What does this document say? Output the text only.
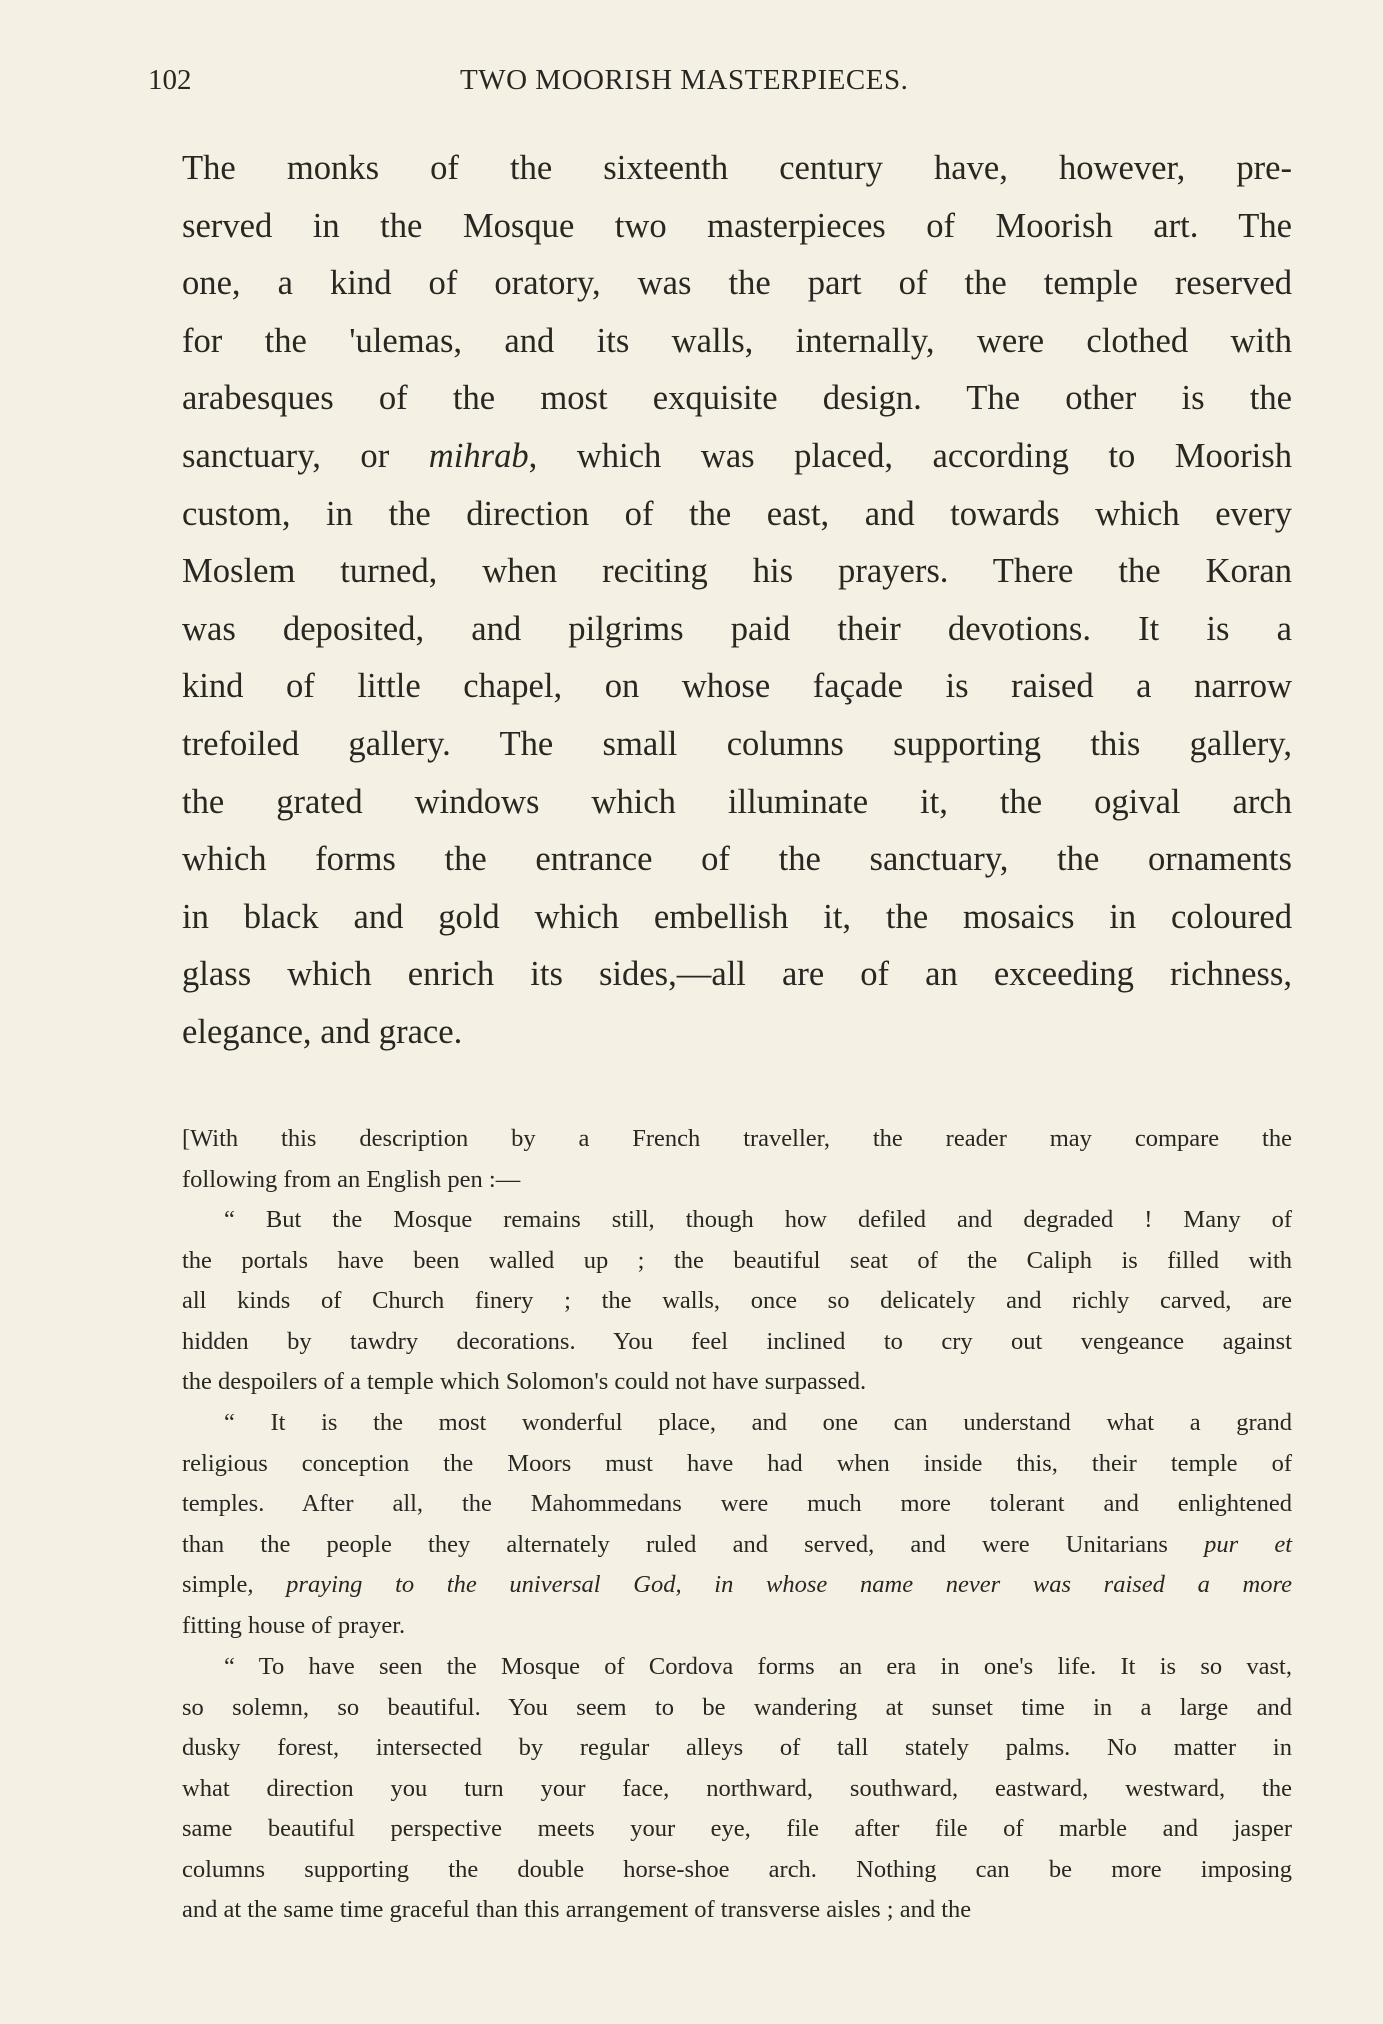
102	TWO MOORISH MASTERPIECES.
The monks of the sixteenth century have, however, pre-
served in the Mosque two masterpieces of Moorish art. The
one, a kind of oratory, was the part of the temple reserved
for the 'ulemas, and its walls, internally, were clothed with
arabesques of the most exquisite design. The other is the
sanctuary, or mihrab, which was placed, according to Moorish
custom, in the direction of the east, and towards which every
Moslem turned, when reciting his prayers. There the Koran
was deposited, and pilgrims paid their devotions. It is a
kind of little chapel, on whose façade is raised a narrow
trefoiled gallery. The small columns supporting this gallery,
the grated windows which illuminate it, the ogival arch
which forms the entrance of the sanctuary, the ornaments
in black and gold which embellish it, the mosaics in coloured
glass which enrich its sides,—all are of an exceeding richness,
elegance, and grace.
[With this description by a French traveller, the reader may compare the
following from an English pen :—
“ But the Mosque remains still, though how defiled and degraded ! Many of
the portals have been walled up ; the beautiful seat of the Caliph is filled with
all kinds of Church finery ; the walls, once so delicately and richly carved, are
hidden by tawdry decorations. You feel inclined to cry out vengeance against
the despoilers of a temple which Solomon's could not have surpassed.
“ It is the most wonderful place, and one can understand what a grand
religious conception the Moors must have had when inside this, their temple of
temples. After all, the Mahommedans were much more tolerant and enlightened
than the people they alternately ruled and served, and were Unitarians pur et
simple, praying to the universal God, in whose name never was raised a more
fitting house of prayer.
“ To have seen the Mosque of Cordova forms an era in one's life. It is so vast,
so solemn, so beautiful. You seem to be wandering at sunset time in a large and
dusky forest, intersected by regular alleys of tall stately palms. No matter in
what direction you turn your face, northward, southward, eastward, westward, the
same beautiful perspective meets your eye, file after file of marble and jasper
columns supporting the double horse-shoe arch. Nothing can be more imposing
and at the same time graceful than this arrangement of transverse aisles ; and the
